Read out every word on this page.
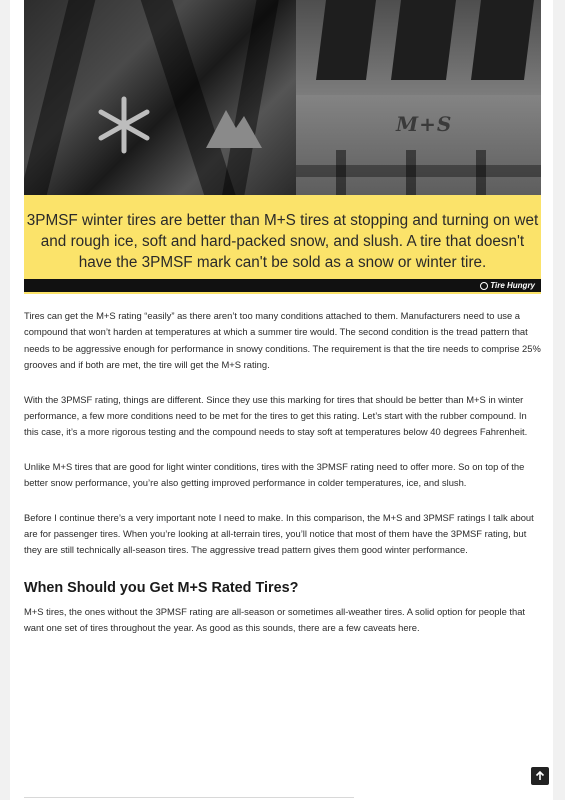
M+S
3PMSF winter tires are better than M+S tires at stopping and turning on wet and rough ice, soft and hard-packed snow, and slush. A tire that doesn't have the 3PMSF mark can't be sold as a snow or winter tire.
Tire Hungry

Tires can get the M+S rating “easily” as there aren’t too many conditions attached to them. Manufacturers need to use a compound that won’t harden at temperatures at which a summer tire would. The second condition is the tread pattern that needs to be aggressive enough for performance in snowy conditions. The requirement is that the tire needs to comprise 25% grooves and if both are met, the tire will get the M+S rating.

With the 3PMSF rating, things are different. Since they use this marking for tires that should be better than M+S in winter performance, a few more conditions need to be met for the tires to get this rating. Let’s start with the rubber compound. In this case, it’s a more rigorous testing and the compound needs to stay soft at temperatures below 40 degrees Fahrenheit.

Unlike M+S tires that are good for light winter conditions, tires with the 3PMSF rating need to offer more. So on top of the better snow performance, you’re also getting improved performance in colder temperatures, ice, and slush.

Before I continue there’s a very important note I need to make. In this comparison, the M+S and 3PMSF ratings I talk about are for passenger tires. When you’re looking at all-terrain tires, you’ll notice that most of them have the 3PMSF rating, but they are still technically all-season tires. The aggressive tread pattern gives them good winter performance.

When Should you Get M+S Rated Tires?

M+S tires, the ones without the 3PMSF rating are all-season or sometimes all-weather tires. A solid option for people that want one set of tires throughout the year. As good as this sounds, there are a few caveats here.
